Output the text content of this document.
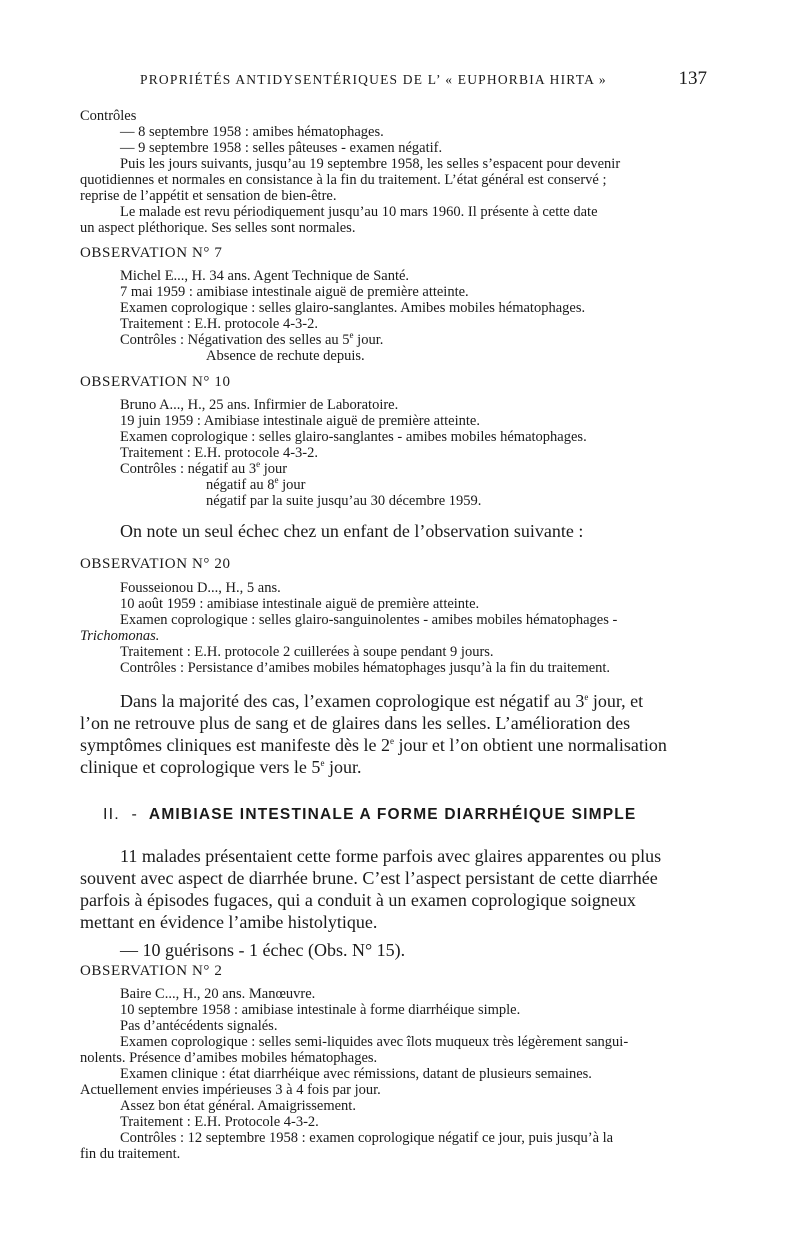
PROPRIÉTÉS ANTIDYSENTÉRIQUES DE L’ « EUPHORBIA HIRTA »	137

Contrôles

— 8 septembre 1958 : amibes hématophages.

— 9 septembre 1958 : selles pâteuses - examen négatif.

Puis les jours suivants, jusqu’au 19 septembre 1958, les selles s’espacent pour devenir

quotidiennes et normales en consistance à la fin du traitement. L’état général est conservé ;

reprise de l’appétit et sensation de bien-être.

Le malade est revu périodiquement jusqu’au 10 mars 1960. Il présente à cette date

un aspect pléthorique. Ses selles sont normales.

OBSERVATION N° 7

Michel E..., H. 34 ans. Agent Technique de Santé.

7 mai 1959 : amibiase intestinale aiguë de première atteinte.

Examen coprologique : selles glairo-sanglantes. Amibes mobiles hématophages.

Traitement : E.H. protocole 4-3-2.

Contrôles : Négativation des selles au 5e jour.

Absence de rechute depuis.

OBSERVATION N° 10

Bruno A..., H., 25 ans. Infirmier de Laboratoire.

19 juin 1959 : Amibiase intestinale aiguë de première atteinte.

Examen coprologique : selles glairo-sanglantes - amibes mobiles hématophages.

Traitement : E.H. protocole 4-3-2.

Contrôles : négatif au 3e jour

négatif au 8e jour

négatif par la suite jusqu’au 30 décembre 1959.

On note un seul échec chez un enfant de l’observation suivante :
OBSERVATION N° 20

Fousseionou D..., H., 5 ans.

10 août 1959 : amibiase intestinale aiguë de première atteinte.

Examen coprologique : selles glairo-sanguinolentes - amibes mobiles hématophages -

Trichomonas.

Traitement : E.H. protocole 2 cuillerées à soupe pendant 9 jours.

Contrôles : Persistance d’amibes mobiles hématophages jusqu’à la fin du traitement.

Dans la majorité des cas, l’examen coprologique est négatif au 3e jour, et

l’on ne retrouve plus de sang et de glaires dans les selles. L’amélioration des

symptômes cliniques est manifeste dès le 2e jour et l’on obtient une normalisation

clinique et coprologique vers le 5e jour.

II. - AMIBIASE INTESTINALE A FORME DIARRHÉIQUE SIMPLE

11 malades présentaient cette forme parfois avec glaires apparentes ou plus

souvent avec aspect de diarrhée brune. C’est l’aspect persistant de cette diarrhée

parfois à épisodes fugaces, qui a conduit à un examen coprologique soigneux

mettant en évidence l’amibe histolytique.

— 10 guérisons - 1 échec (Obs. N° 15).

OBSERVATION N° 2

Baire C..., H., 20 ans. Manœuvre.

10 septembre 1958 : amibiase intestinale à forme diarrhéique simple.

Pas d’antécédents signalés.

Examen coprologique : selles semi-liquides avec îlots muqueux très légèrement sangui-

nolents. Présence d’amibes mobiles hématophages.

Examen clinique : état diarrhéique avec rémissions, datant de plusieurs semaines.

Actuellement envies impérieuses 3 à 4 fois par jour.

Assez bon état général. Amaigrissement.

Traitement : E.H. Protocole 4-3-2.

Contrôles : 12 septembre 1958 : examen coprologique négatif ce jour, puis jusqu’à la

fin du traitement.
